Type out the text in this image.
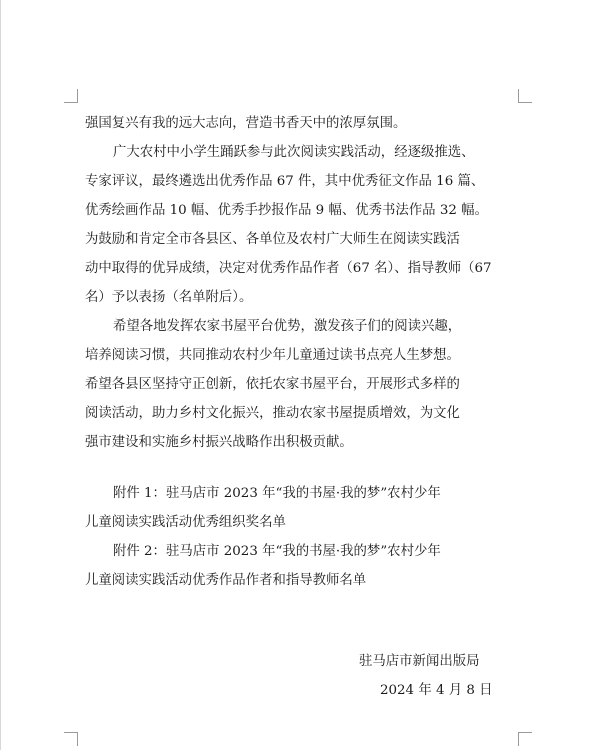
强国复兴有我的远大志向，营造书香天中的浓厚氛围。
广大农村中小学生踊跃参与此次阅读实践活动，经逐级推选、
专家评议，最终遴选出优秀作品 67 件，其中优秀征文作品 16 篇、
优秀绘画作品 10 幅、优秀手抄报作品 9 幅、优秀书法作品 32 幅。
为鼓励和肯定全市各县区、各单位及农村广大师生在阅读实践活
动中取得的优异成绩，决定对优秀作品作者（67 名）、指导教师（67
名）予以表扬（名单附后）。
希望各地发挥农家书屋平台优势，激发孩子们的阅读兴趣，
培养阅读习惯，共同推动农村少年儿童通过读书点亮人生梦想。
希望各县区坚持守正创新，依托农家书屋平台，开展形式多样的
阅读活动，助力乡村文化振兴，推动农家书屋提质增效，为文化
强市建设和实施乡村振兴战略作出积极贡献。
附件 1：驻马店市 2023 年“我的书屋·我的梦”农村少年
儿童阅读实践活动优秀组织奖名单
附件 2：驻马店市 2023 年“我的书屋·我的梦”农村少年
儿童阅读实践活动优秀作品作者和指导教师名单
驻马店市新闻出版局
2024 年 4 月 8 日
